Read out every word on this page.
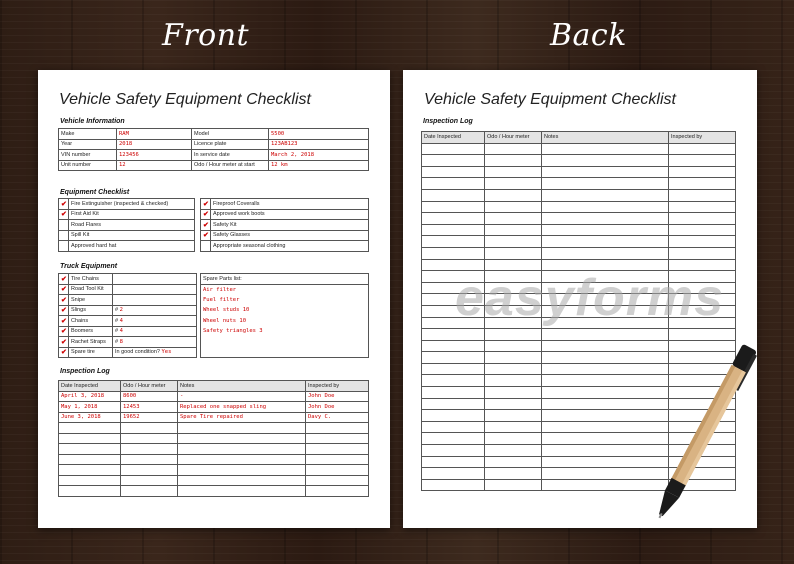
Front	Back
Vehicle Safety Equipment Checklist
Vehicle Information
Make	RAM	Model	5500
Year	2018	Licence plate	123AB123
VIN number	123456	In service date	March 2, 2018
Unit number	12	Odo / Hour meter at start	12 km
Equipment Checklist
✔	Fire Extinguisher (inspected & checked)
✔	First Aid Kit
	Road Flares
	Spill Kit
	Approved hard hat
✔	Fireproof Coveralls
✔	Approved work boots
✔	Safety Kit
✔	Safety Glasses
	Appropriate seasonal clothing
Truck Equipment
✔	Tire Chains	
✔	Road Tool Kit	
✔	Snipe	
✔	Slings	# 2
✔	Chains	# 4
✔	Boomers	# 4
✔	Rachet Straps	# 8
✔	Spare tire	In good condition? Yes
Spare Parts list:
Air filter
Fuel filter
Wheel studs 10
Wheel nuts 10
Safety triangles 3

Inspection Log
Date Inspected	Odo / Hour meter	Notes	Inspected by
April 3, 2018	8600	-	John Doe
May 1, 2018	12453	Replaced one snapped sling	John Doe
June 3, 2018	19652	Spare Tire repaired	Davy C.

Vehicle Safety Equipment Checklist
Inspection Log
Date Inspected	Odo / Hour meter	Notes	Inspected by

easyforms
